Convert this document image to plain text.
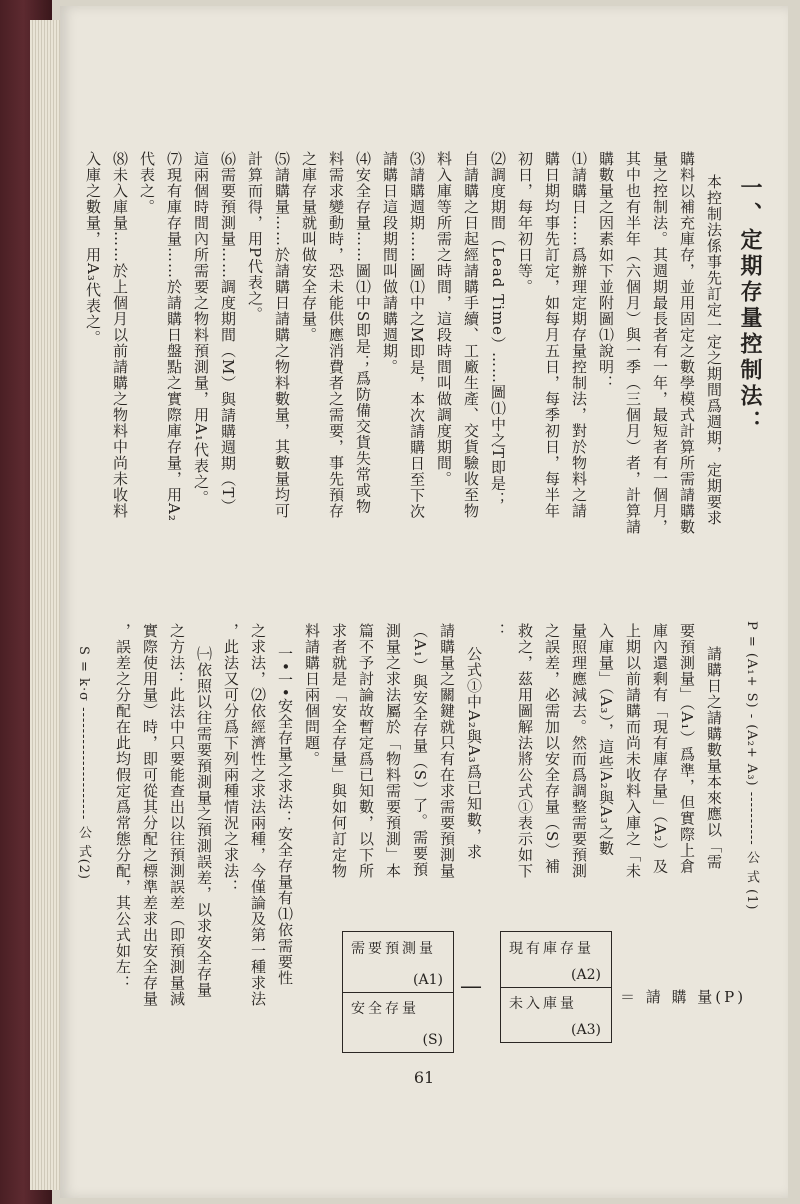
一、定期存量控制法：
本控制法係事先訂定一定之期間爲週期，定期要求
購料以補充庫存，並用固定之數學模式計算所需請購數
量之控制法。其週期最長者有一年，最短者有一個月，
其中也有半年（六個月）與一季（三個月）者，計算請
購數量之因素如下並附圖⑴說明：
⑴請購日……爲辦理定期存量控制法，對於物料之請
購日期均事先訂定，如每月五日，每季初日，每半年
初日，每年初日等。
⑵調度期間（Lead Time）……圖⑴中之T即是；
自請購之日起經請購手續、工廠生產、交貨驗收至物
料入庫等所需之時間，這段時間叫做調度期間。
⑶請購週期……圖⑴中之M即是，本次請購日至下次
請購日這段期間叫做請購週期。
⑷安全存量……圖⑴中S即是；爲防備交貨失常或物
料需求變動時，恐未能供應消費者之需要，事先預存
之庫存量就叫做安全存量。
⑸請購量……於請購日請購之物料數量，其數量均可
計算而得，用P代表之。
⑹需要預測量……調度期間（M）與請購週期（T）
這兩個時間內所需要之物料預測量，用A₁代表之。
⑺現有庫存量……於請購日盤點之實際庫存量，用A₂
代表之。
⑻未入庫量……於上個月以前請購之物料中尚未收料
入庫之數量，用A₃代表之。
P = (A₁+ S) - (A₂+ A₃) ---------- 公 式 (1)
請購日之請購數量本來應以「需
要預測量」（A₁）爲準，但實際上倉
庫內還剩有「現有庫存量」（A₂）及
上期以前請購而尚未收料入庫之「未
入庫量」（A₃），這些A₂與A₃之數
量照理應減去。然而爲調整需要預測
之誤差，必需加以安全存量（S）補
救之，茲用圖解法將公式①表示如下
：
公式①中A₂與A₃爲已知數，求
請購量之關鍵就只有在求需要預測量
（A₁）與安全存量（S）了。需要預
測量之求法屬於「物料需要預測」本
篇不予討論故暫定爲已知數，以下所
求者就是「安全存量」與如何訂定物
料請購日兩個問題。
一•一•安全存量之求法：安全存量有⑴依需要性
之求法，⑵依經濟性之求法兩種，今僅論及第一種求法
，此法又可分爲下列兩種情況之求法：
㈠依照以往需要預測量之預測誤差，以求安全存量
之方法：此法中只要能查出以往預測誤差（即預測量減
實際使用量）時，即可從其分配之標準差求出安全存量
，誤差之分配在此均假定爲常態分配，其公式如左：
S = k·σ --------------------- 公 式(2)
＝ 請 購 量(P)
現有庫存量
(A2)
未入庫量
(A3)
—
需要預測量
(A1)
安全存量
(S)
61
